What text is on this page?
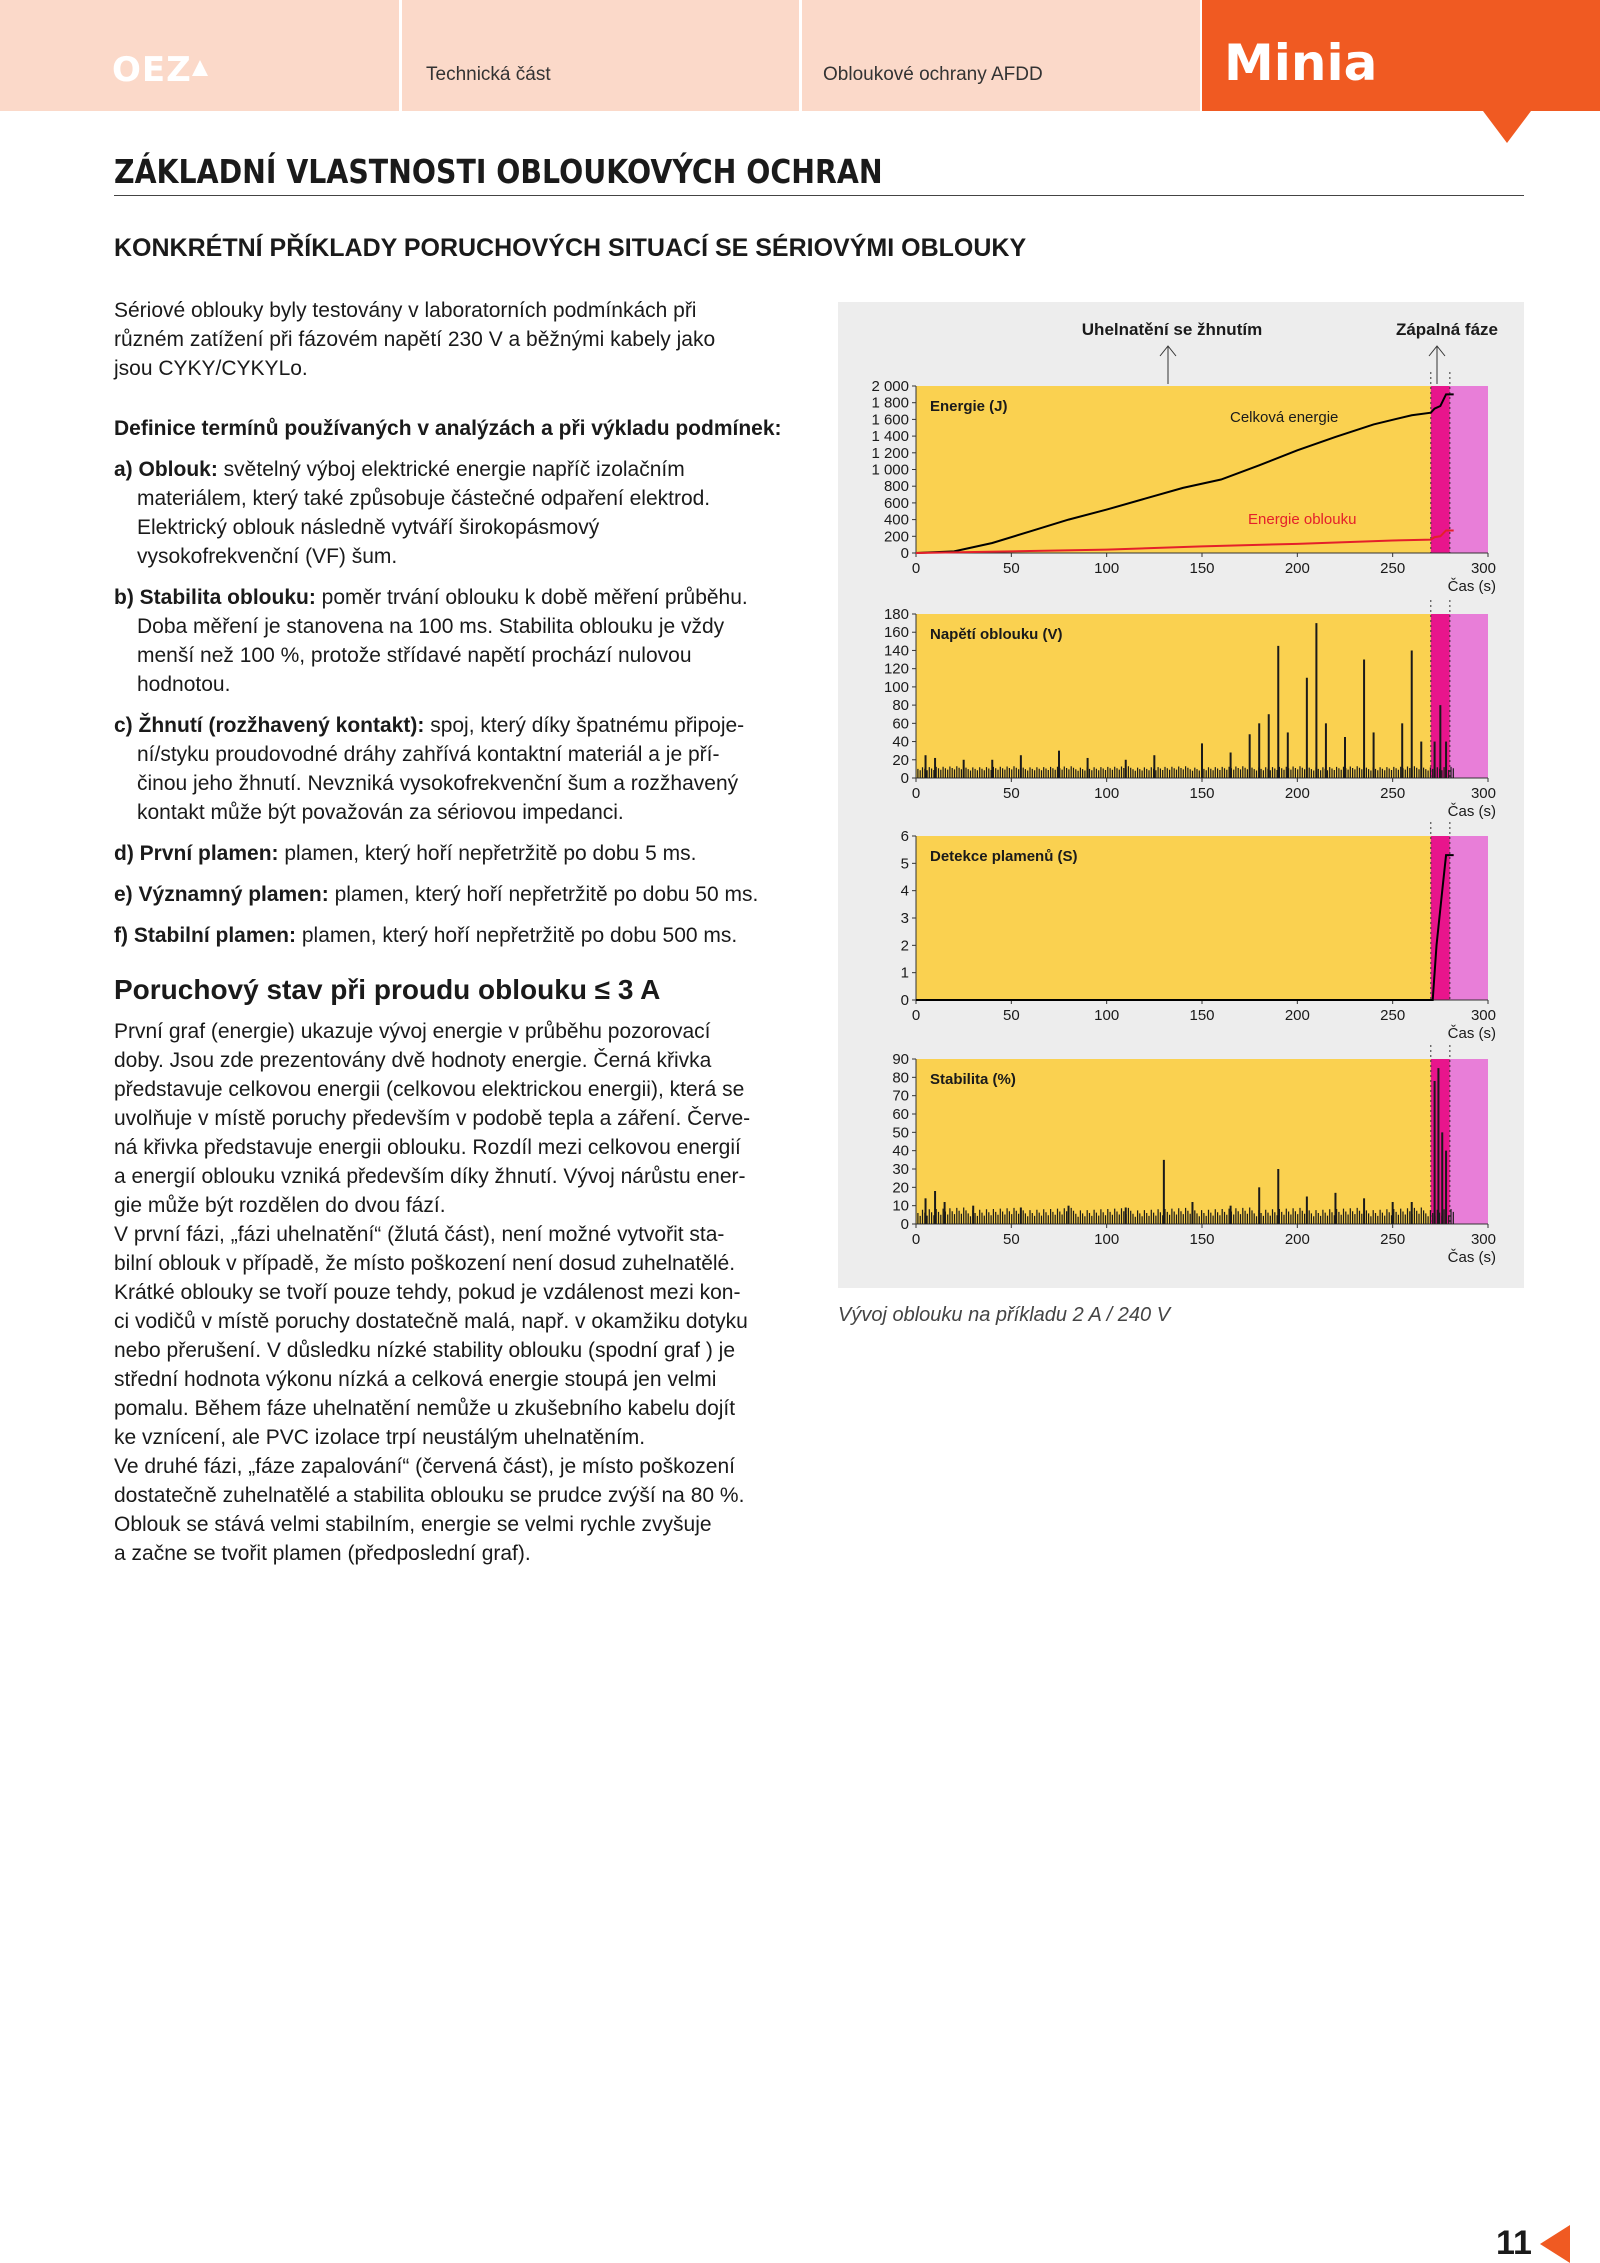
OEZ	Technická část	Obloukové ochrany AFDD	Minia
ZÁKLADNÍ VLASTNOSTI OBLOUKOVÝCH OCHRAN
KONKRÉTNÍ PŘÍKLADY PORUCHOVÝCH SITUACÍ SE SÉRIOVÝMI OBLOUKY

Sériové oblouky byly testovány v laboratorních podmínkách při

různém zatížení při fázovém napětí 230 V a běžnými kabely jako

jsou CYKY/CYKYLo.

Definice termínů používaných v analýzách a při výkladu podmínek:

a) Oblouk: světelný výboj elektrické energie napříč izolačním
materiálem, který také způsobuje částečné odpaření elektrod.
Elektrický oblouk následně vytváří širokopásmový
vysokofrekvenční (VF) šum.
b) Stabilita oblouku: poměr trvání oblouku k době měření průběhu.
Doba měření je stanovena na 100 ms. Stabilita oblouku je vždy
menší než 100 %, protože střídavé napětí prochází nulovou
hodnotou.
c) Žhnutí (rozžhavený kontakt): spoj, který díky špatnému připoje-
ní/styku proudovodné dráhy zahřívá kontaktní materiál a je pří-
činou jeho žhnutí. Nevzniká vysokofrekvenční šum a rozžhavený
kontakt může být považován za sériovou impedanci.
d) První plamen: plamen, který hoří nepřetržitě po dobu 5 ms.
e) Významný plamen: plamen, který hoří nepřetržitě po dobu 50 ms.
f) Stabilní plamen: plamen, který hoří nepřetržitě po dobu 500 ms.
Poruchový stav při proudu oblouku ≤ 3 A

První graf (energie) ukazuje vývoj energie v průběhu pozorovací

doby. Jsou zde prezentovány dvě hodnoty energie. Černá křivka

představuje celkovou energii (celkovou elektrickou energii), která se

uvolňuje v místě poruchy především v podobě tepla a záření. Červe-

ná křivka představuje energii oblouku. Rozdíl mezi celkovou energií

a energií oblouku vzniká především díky žhnutí. Vývoj nárůstu ener-

gie může být rozdělen do dvou fází.

V první fázi, „fázi uhelnatění“ (žlutá část), není možné vytvořit sta-

bilní oblouk v případě, že místo poškození není dosud zuhelnatělé.

Krátké oblouky se tvoří pouze tehdy, pokud je vzdálenost mezi kon-

ci vodičů v místě poruchy dostatečně malá, např. v okamžiku dotyku

nebo přerušení. V důsledku nízké stability oblouku (spodní graf ) je

střední hodnota výkonu nízká a celková energie stoupá jen velmi

pomalu. Během fáze uhelnatění nemůže u zkušebního kabelu dojít

ke vznícení, ale PVC izolace trpí neustálým uhelnatěním.

Ve druhé fázi, „fáze zapalování“ (červená část), je místo poškození

dostatečně zuhelnatělé a stabilita oblouku se prudce zvýší na 80 %.

Oblouk se stává velmi stabilním, energie se velmi rychle zvyšuje

a začne se tvořit plamen (předposlední graf).

Uhelnatění se žhnutím	Zápalná fáze
0
200
400
600
800
1 000
1 200
1 400
1 600
1 800
2 000
0	50	100	150	200	250	300
Čas (s)
Energie (J)
Celková energie
Energie oblouku
0
20
40
60
80
100
120
140
160
180
0	50	100	150	200	250	300
Čas (s)
Napětí oblouku (V)
0
1
2
3
4
5
6
0	50	100	150	200	250	300
Čas (s)
Detekce plamenů (S)
0
10
20
30
40
50
60
70
80
90
0	50	100	150	200	250	300
Čas (s)
Stabilita (%)
Vývoj oblouku na příkladu 2 A / 240 V
11
